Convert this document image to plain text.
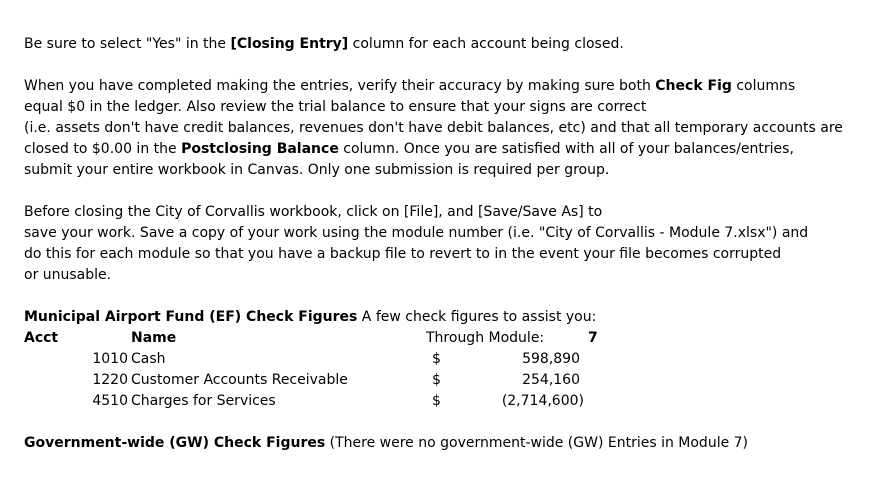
Be sure to select "Yes" in the [Closing Entry] column for each account being closed.
When you have completed making the entries, verify their accuracy by making sure both Check Fig columns
equal $0 in the ledger. Also review the trial balance to ensure that your signs are correct
(i.e. assets don't have credit balances, revenues don't have debit balances, etc) and that all temporary accounts are
closed to $0.00 in the Postclosing Balance column. Once you are satisfied with all of your balances/entries,
submit your entire workbook in Canvas. Only one submission is required per group.
Before closing the City of Corvallis workbook, click on [File], and [Save/Save As] to
save your work. Save a copy of your work using the module number (i.e. "City of Corvallis - Module 7.xlsx") and
do this for each module so that you have a backup file to revert to in the event your file becomes corrupted
or unusable.
Municipal Airport Fund (EF) Check Figures A few check figures to assist you:
Acct	Name	Through Module:	7
1010 Cash	$	598,890
1220 Customer Accounts Receivable	$	254,160
4510 Charges for Services	$	(2,714,600)
Government-wide (GW) Check Figures (There were no government-wide (GW) Entries in Module 7)
